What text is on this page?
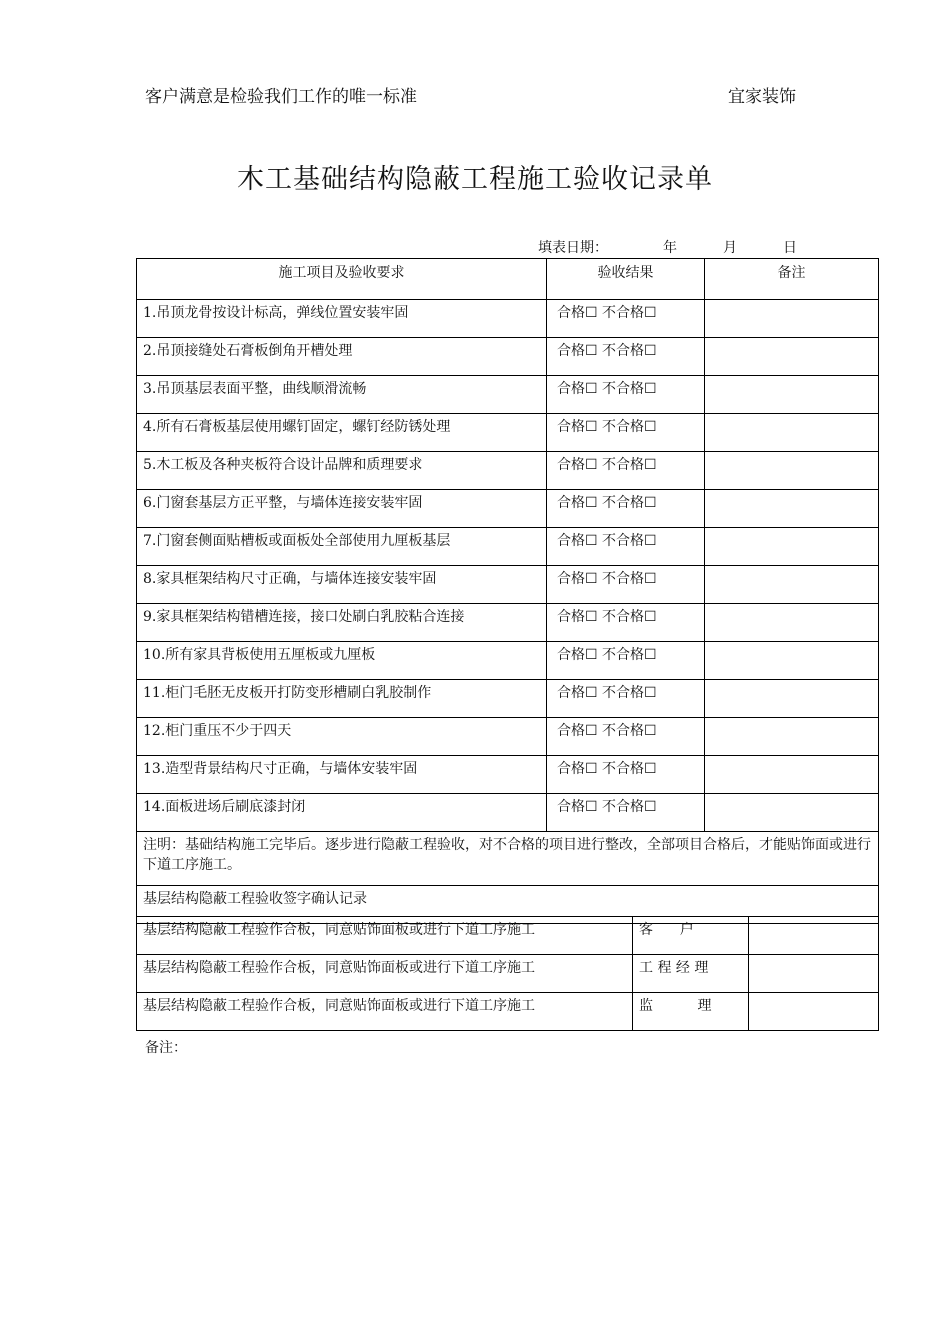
客户满意是检验我们工作的唯一标准	宜家装饰
木工基础结构隐蔽工程施工验收记录单
填表日期：	年	月	日
施工项目及验收要求	验收结果	备注
1.吊顶龙骨按设计标高，弹线位置安装牢固	合格☐ 不合格☐	
2.吊顶接缝处石膏板倒角开槽处理	合格☐ 不合格☐	
3.吊顶基层表面平整，曲线顺滑流畅	合格☐ 不合格☐	
4.所有石膏板基层使用螺钉固定，螺钉经防锈处理	合格☐ 不合格☐	
5.木工板及各种夹板符合设计品牌和质理要求	合格☐ 不合格☐	
6.门窗套基层方正平整，与墙体连接安装牢固	合格☐ 不合格☐	
7.门窗套侧面贴槽板或面板处全部使用九厘板基层	合格☐ 不合格☐	
8.家具框架结构尺寸正确，与墙体连接安装牢固	合格☐ 不合格☐	
9.家具框架结构错槽连接，接口处刷白乳胶粘合连接	合格☐ 不合格☐	
10.所有家具背板使用五厘板或九厘板	合格☐ 不合格☐	
11.柜门毛胚无皮板开打防变形槽刷白乳胶制作	合格☐ 不合格☐	
12.柜门重压不少于四天	合格☐ 不合格☐	
13.造型背景结构尺寸正确，与墙体安装牢固	合格☐ 不合格☐	
14.面板进场后刷底漆封闭	合格☐ 不合格☐	
注明：基础结构施工完毕后。逐步进行隐蔽工程验收，对不合格的项目进行整改，全部项目合格后，才能贴饰面或进行下道工序施工。		
基层结构隐蔽工程验收签字确认记录		
基层结构隐蔽工程验作合板，同意贴饰面板或进行下道工序施工	客      户	
基层结构隐蔽工程验作合板，同意贴饰面板或进行下道工序施工	工 程 经 理	
基层结构隐蔽工程验作合板，同意贴饰面板或进行下道工序施工	监          理	
备注：
